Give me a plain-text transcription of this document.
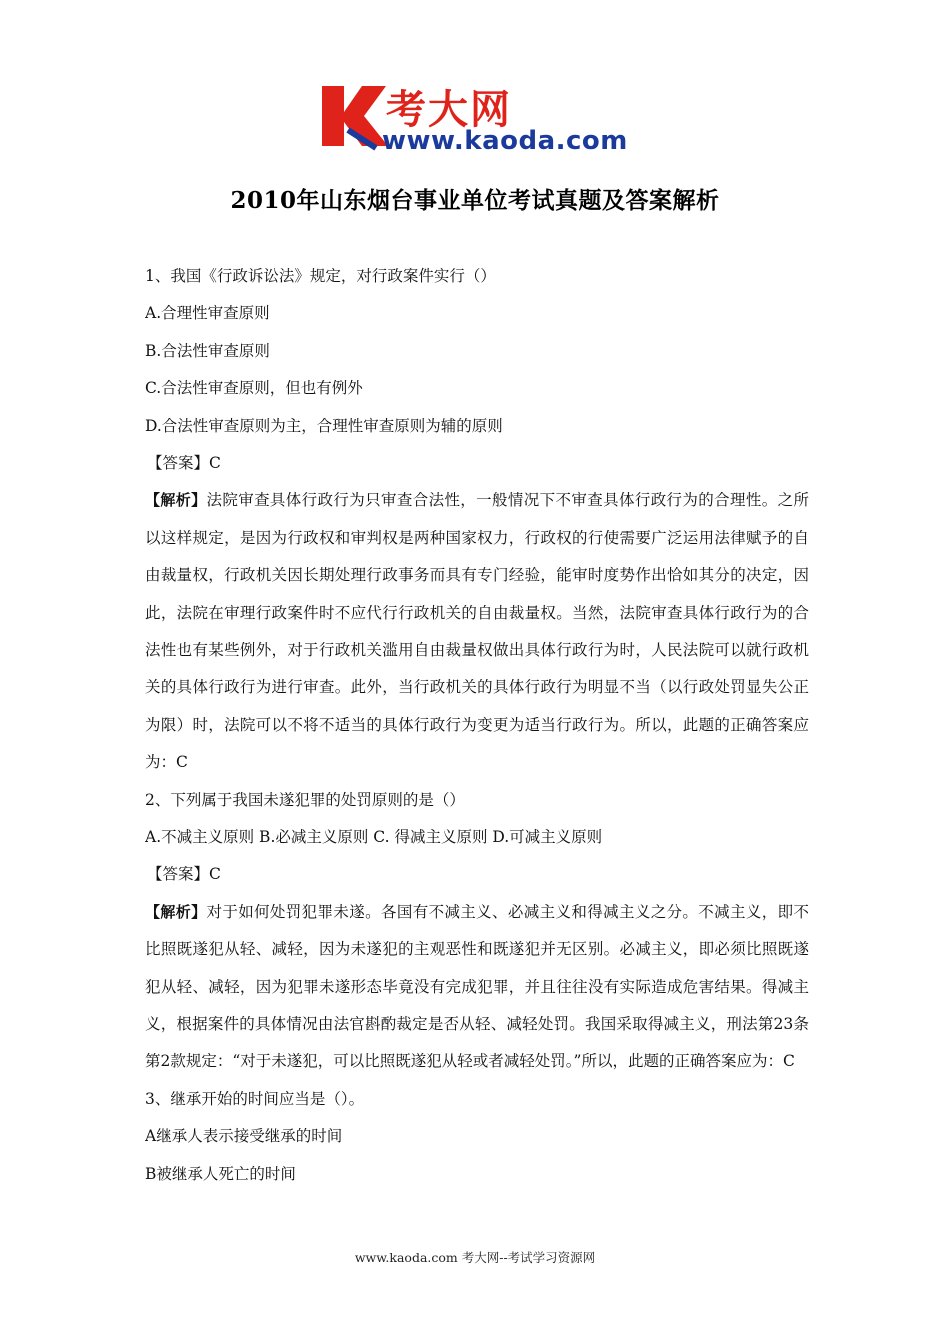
考大网
www.kaoda.com
2010年山东烟台事业单位考试真题及答案解析
1、我国《行政诉讼法》规定，对行政案件实行（）
A.合理性审查原则
B.合法性审查原则
C.合法性审查原则，但也有例外
D.合法性审查原则为主，合理性审查原则为辅的原则
【答案】C

【解析】法院审查具体行政行为只审查合法性，一般情况下不审查具体行政行为的合理性。之所以这样规定，是因为行政权和审判权是两种国家权力，行政权的行使需要广泛运用法律赋予的自由裁量权，行政机关因长期处理行政事务而具有专门经验，能审时度势作出恰如其分的决定，因此，法院在审理行政案件时不应代行行政机关的自由裁量权。当然，法院审查具体行政行为的合法性也有某些例外，对于行政机关滥用自由裁量权做出具体行政行为时，人民法院可以就行政机关的具体行政行为进行审查。此外，当行政机关的具体行政行为明显不当（以行政处罚显失公正为限）时，法院可以不将不适当的具体行政行为变更为适当行政行为。所以，此题的正确答案应为：C

2、下列属于我国未遂犯罪的处罚原则的是（）
A.不减主义原则 B.必减主义原则 C. 得减主义原则 D.可减主义原则
【答案】C

【解析】对于如何处罚犯罪未遂。各国有不减主义、必减主义和得减主义之分。不减主义，即不比照既遂犯从轻、减轻，因为未遂犯的主观恶性和既遂犯并无区别。必减主义，即必须比照既遂犯从轻、减轻，因为犯罪未遂形态毕竟没有完成犯罪，并且往往没有实际造成危害结果。得减主义，根据案件的具体情况由法官斟酌裁定是否从轻、减轻处罚。我国采取得减主义，刑法第23条第2款规定：“对于未遂犯，可以比照既遂犯从轻或者减轻处罚。”所以，此题的正确答案应为：C

3、继承开始的时间应当是（）。
A继承人表示接受继承的时间
B被继承人死亡的时间
www.kaoda.com 考大网--考试学习资源网
